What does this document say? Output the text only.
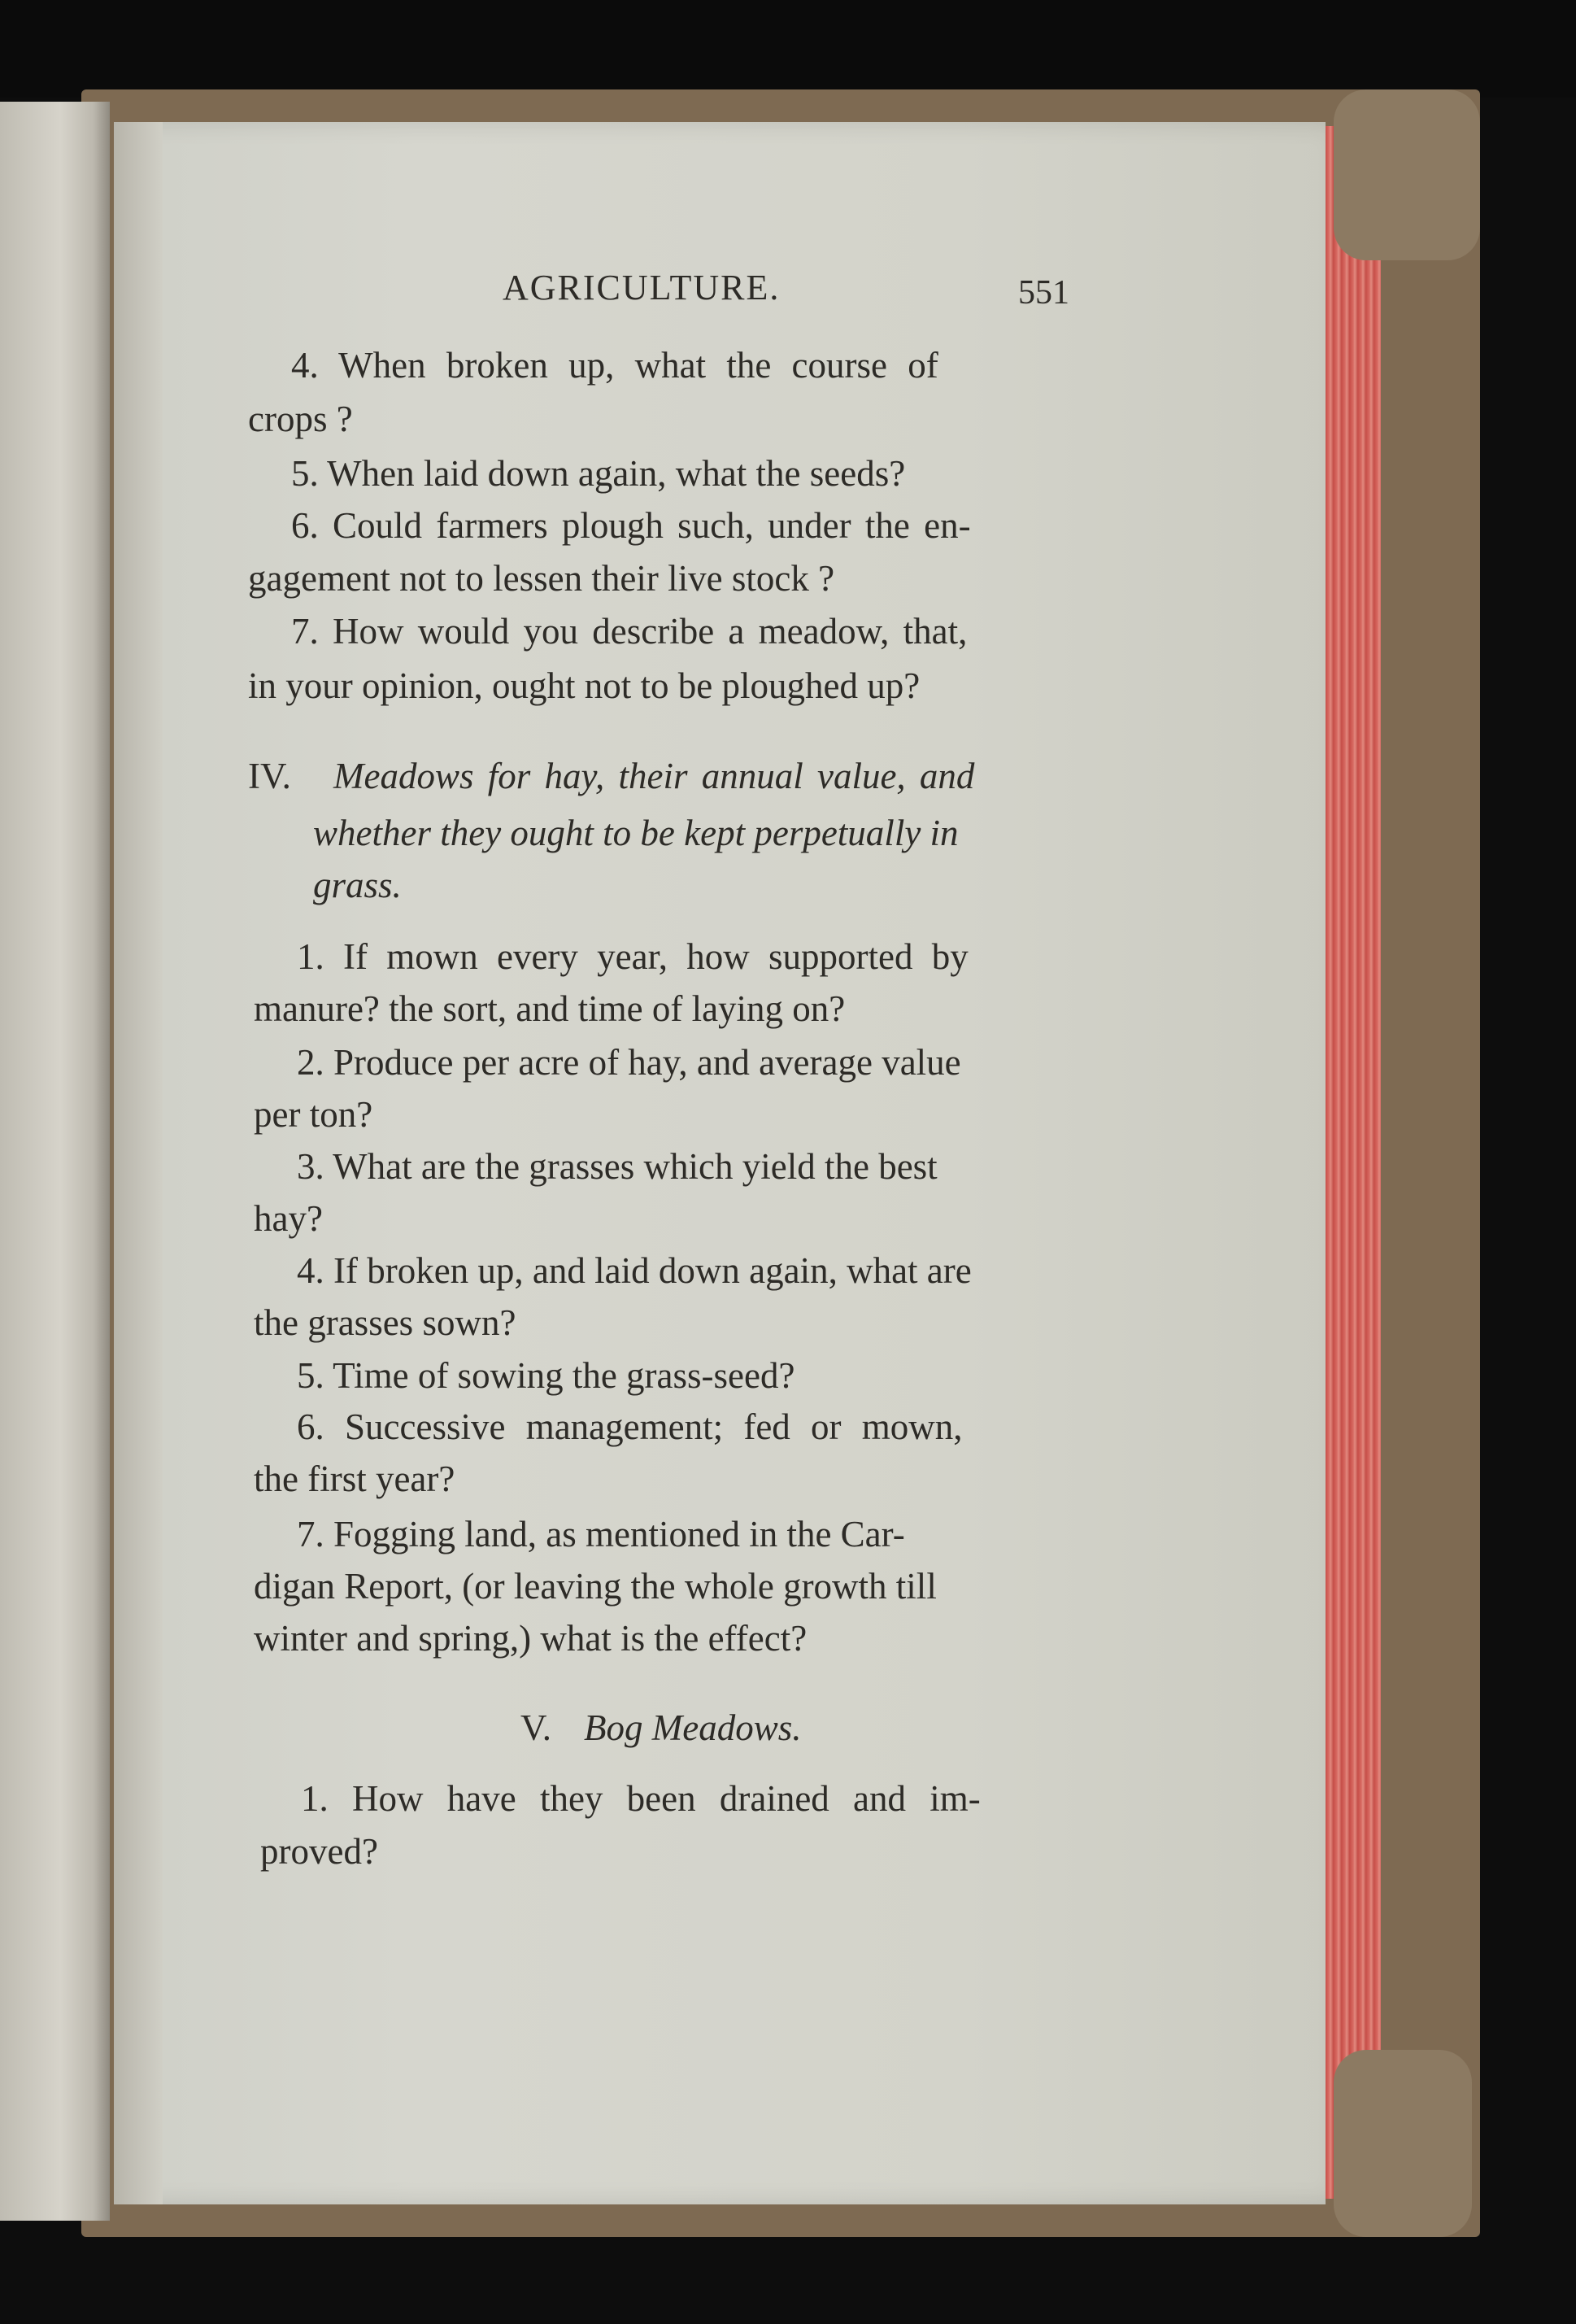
AGRICULTURE.	551
4. When broken up, what the course of
crops ?
5. When laid down again, what the seeds?
6. Could farmers plough such, under the en-
gagement not to lessen their live stock ?
7. How would you describe a meadow, that,
in your opinion, ought not to be ploughed up?
IV. Meadows for hay, their annual value, and
whether they ought to be kept perpetually in
grass.
1. If mown every year, how supported by
manure? the sort, and time of laying on?
2. Produce per acre of hay, and average value
per ton?
3. What are the grasses which yield the best
hay?
4. If broken up, and laid down again, what are
the grasses sown?
5. Time of sowing the grass-seed?
6. Successive management; fed or mown,
the first year?
7. Fogging land, as mentioned in the Car-
digan Report, (or leaving the whole growth till
winter and spring,) what is the effect?
V. Bog Meadows.
1. How have they been drained and im-
proved?
